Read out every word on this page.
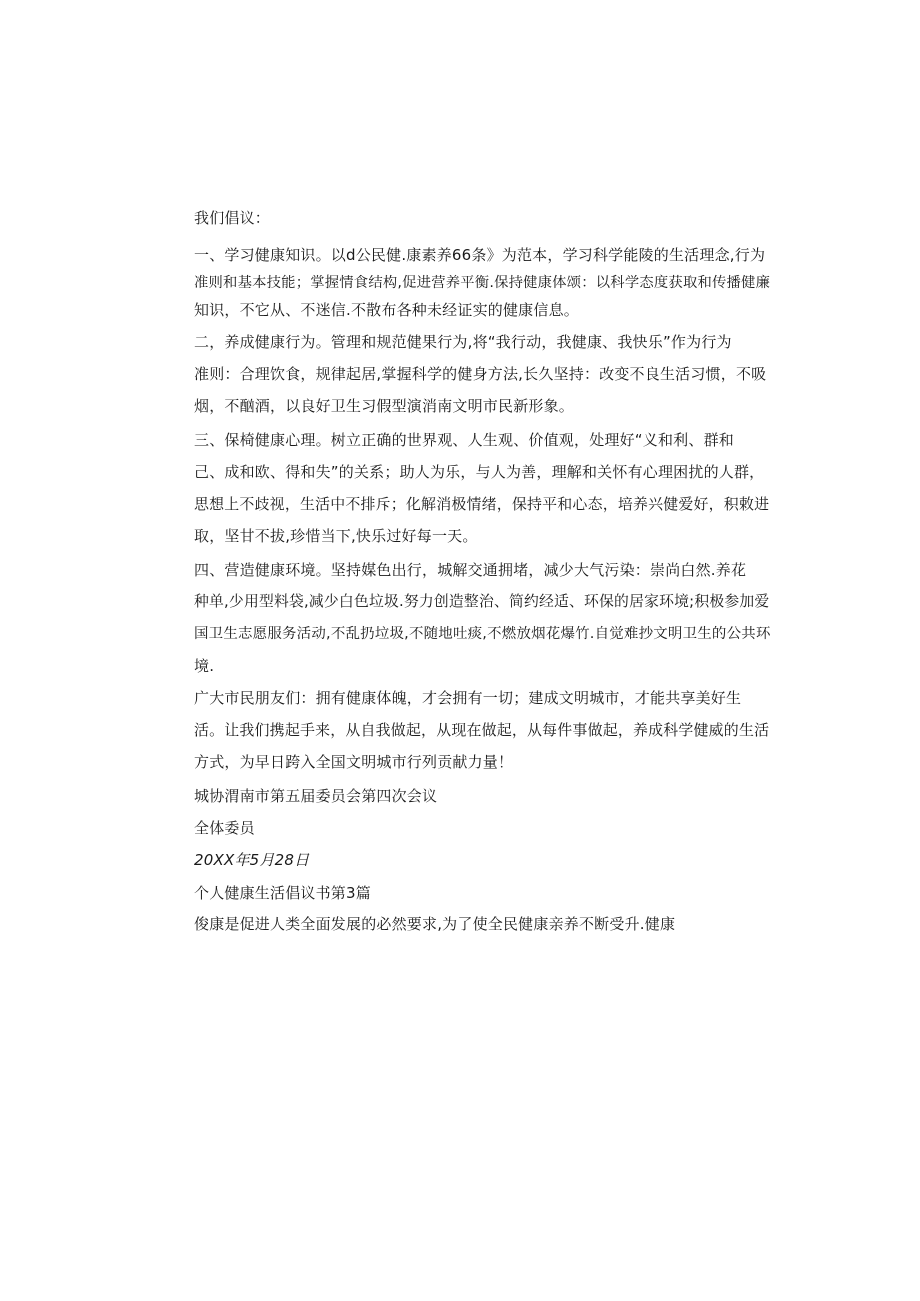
我们倡议：
一、学习健康知识。以d公民健.康素养66条》为范本，学习科学能陵的生活理念,行为
准则和基本技能；掌握情食结构,促进营养平衡.保持健康体颂：以科学态度获取和传播健廉
知识，不它从、不迷信.不散布各种未经证实的健康信息。
二，养成健康行为。管理和规范健果行为,将“我行动，我健康、我快乐”作为行为
准则：合理饮食，规律起居,掌握科学的健身方法,长久坚持：改变不良生活习惯，不吸
烟，不酗酒，以良好卫生习假型演消南文明市民新形象。
三、保椅健康心理。树立正确的世界观、人生观、价值观，处理好“义和利、群和
己、成和欧、得和失”的关系；助人为乐，与人为善，理解和关怀有心理困扰的人群，
思想上不歧视，生活中不排斥；化解消极情绪，保持平和心态，培养兴健爱好，积敕进
取，坚甘不拔,珍惜当下,快乐过好每一天。
四、营造健康环境。坚持媒色出行，城解交通拥堵，减少大气污染：崇尚白然.养花
种单,少用型料袋,减少白色垃圾.努力创造整治、简约经适、环保的居家环境;积极参加爱
国卫生志愿服务活动,不乱扔垃圾,不随地吐痰,不燃放烟花爆竹.自觉难抄文明卫生的公共环
境.
广大市民朋友们：拥有健康体魄，才会拥有一切；建成文明城市，才能共享美好生
活。让我们携起手来，从自我做起，从现在做起，从每件事做起，养成科学健威的生活
方式，为早日跨入全国文明城市行列贡献力量！
城协渭南市第五届委员会第四次会议
全体委员
20XX年5月28日
个人健康生活倡议书第3篇
俊康是促进人类全面发展的必然要求,为了使全民健康亲养不断受升.健康
